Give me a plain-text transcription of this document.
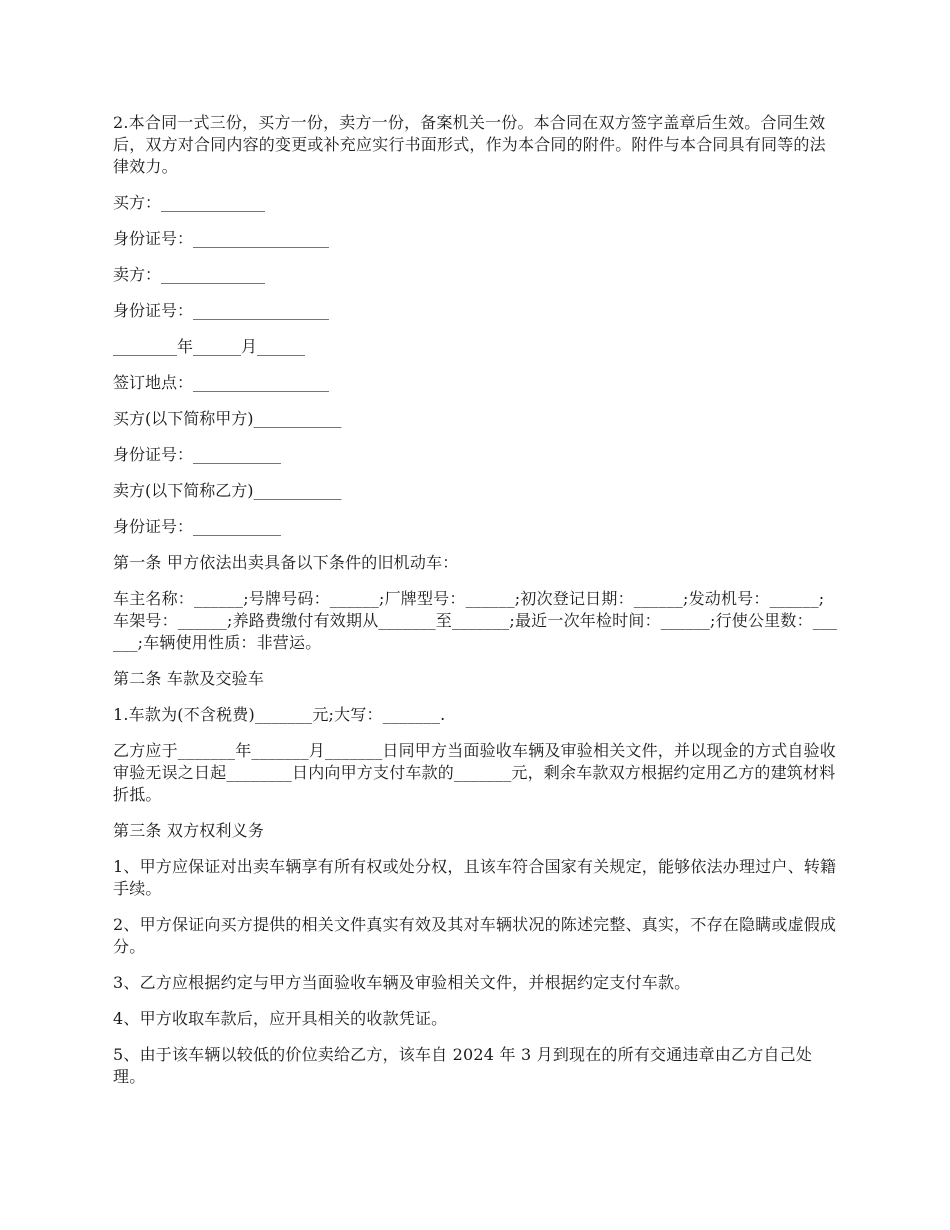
2.本合同一式三份，买方一份，卖方一份，备案机关一份。本合同在双方签字盖章后生效。合同生效后，双方对合同内容的变更或补充应实行书面形式，作为本合同的附件。附件与本合同具有同等的法律效力。

买方：_____________

身份证号：_________________

卖方：_____________

身份证号：_________________

________年______月______

签订地点：_________________

买方(以下简称甲方)___________

身份证号：___________

卖方(以下简称乙方)___________

身份证号：___________

第一条 甲方依法出卖具备以下条件的旧机动车：

车主名称：______;号牌号码：______;厂牌型号：______;初次登记日期：______;发动机号：______;车架号：______;养路费缴付有效期从_______至_______;最近一次年检时间：______;行使公里数：______;车辆使用性质：非营运。

第二条 车款及交验车

1.车款为(不含税费)_______元;大写：_______.

乙方应于_______年_______月_______日同甲方当面验收车辆及审验相关文件，并以现金的方式自验收审验无误之日起________日内向甲方支付车款的_______元，剩余车款双方根据约定用乙方的建筑材料折抵。

第三条 双方权利义务

1、甲方应保证对出卖车辆享有所有权或处分权，且该车符合国家有关规定，能够依法办理过户、转籍手续。

2、甲方保证向买方提供的相关文件真实有效及其对车辆状况的陈述完整、真实，不存在隐瞒或虚假成分。

3、乙方应根据约定与甲方当面验收车辆及审验相关文件，并根据约定支付车款。

4、甲方收取车款后，应开具相关的收款凭证。

5、由于该车辆以较低的价位卖给乙方，该车自 2024 年 3 月到现在的所有交通违章由乙方自己处理。
